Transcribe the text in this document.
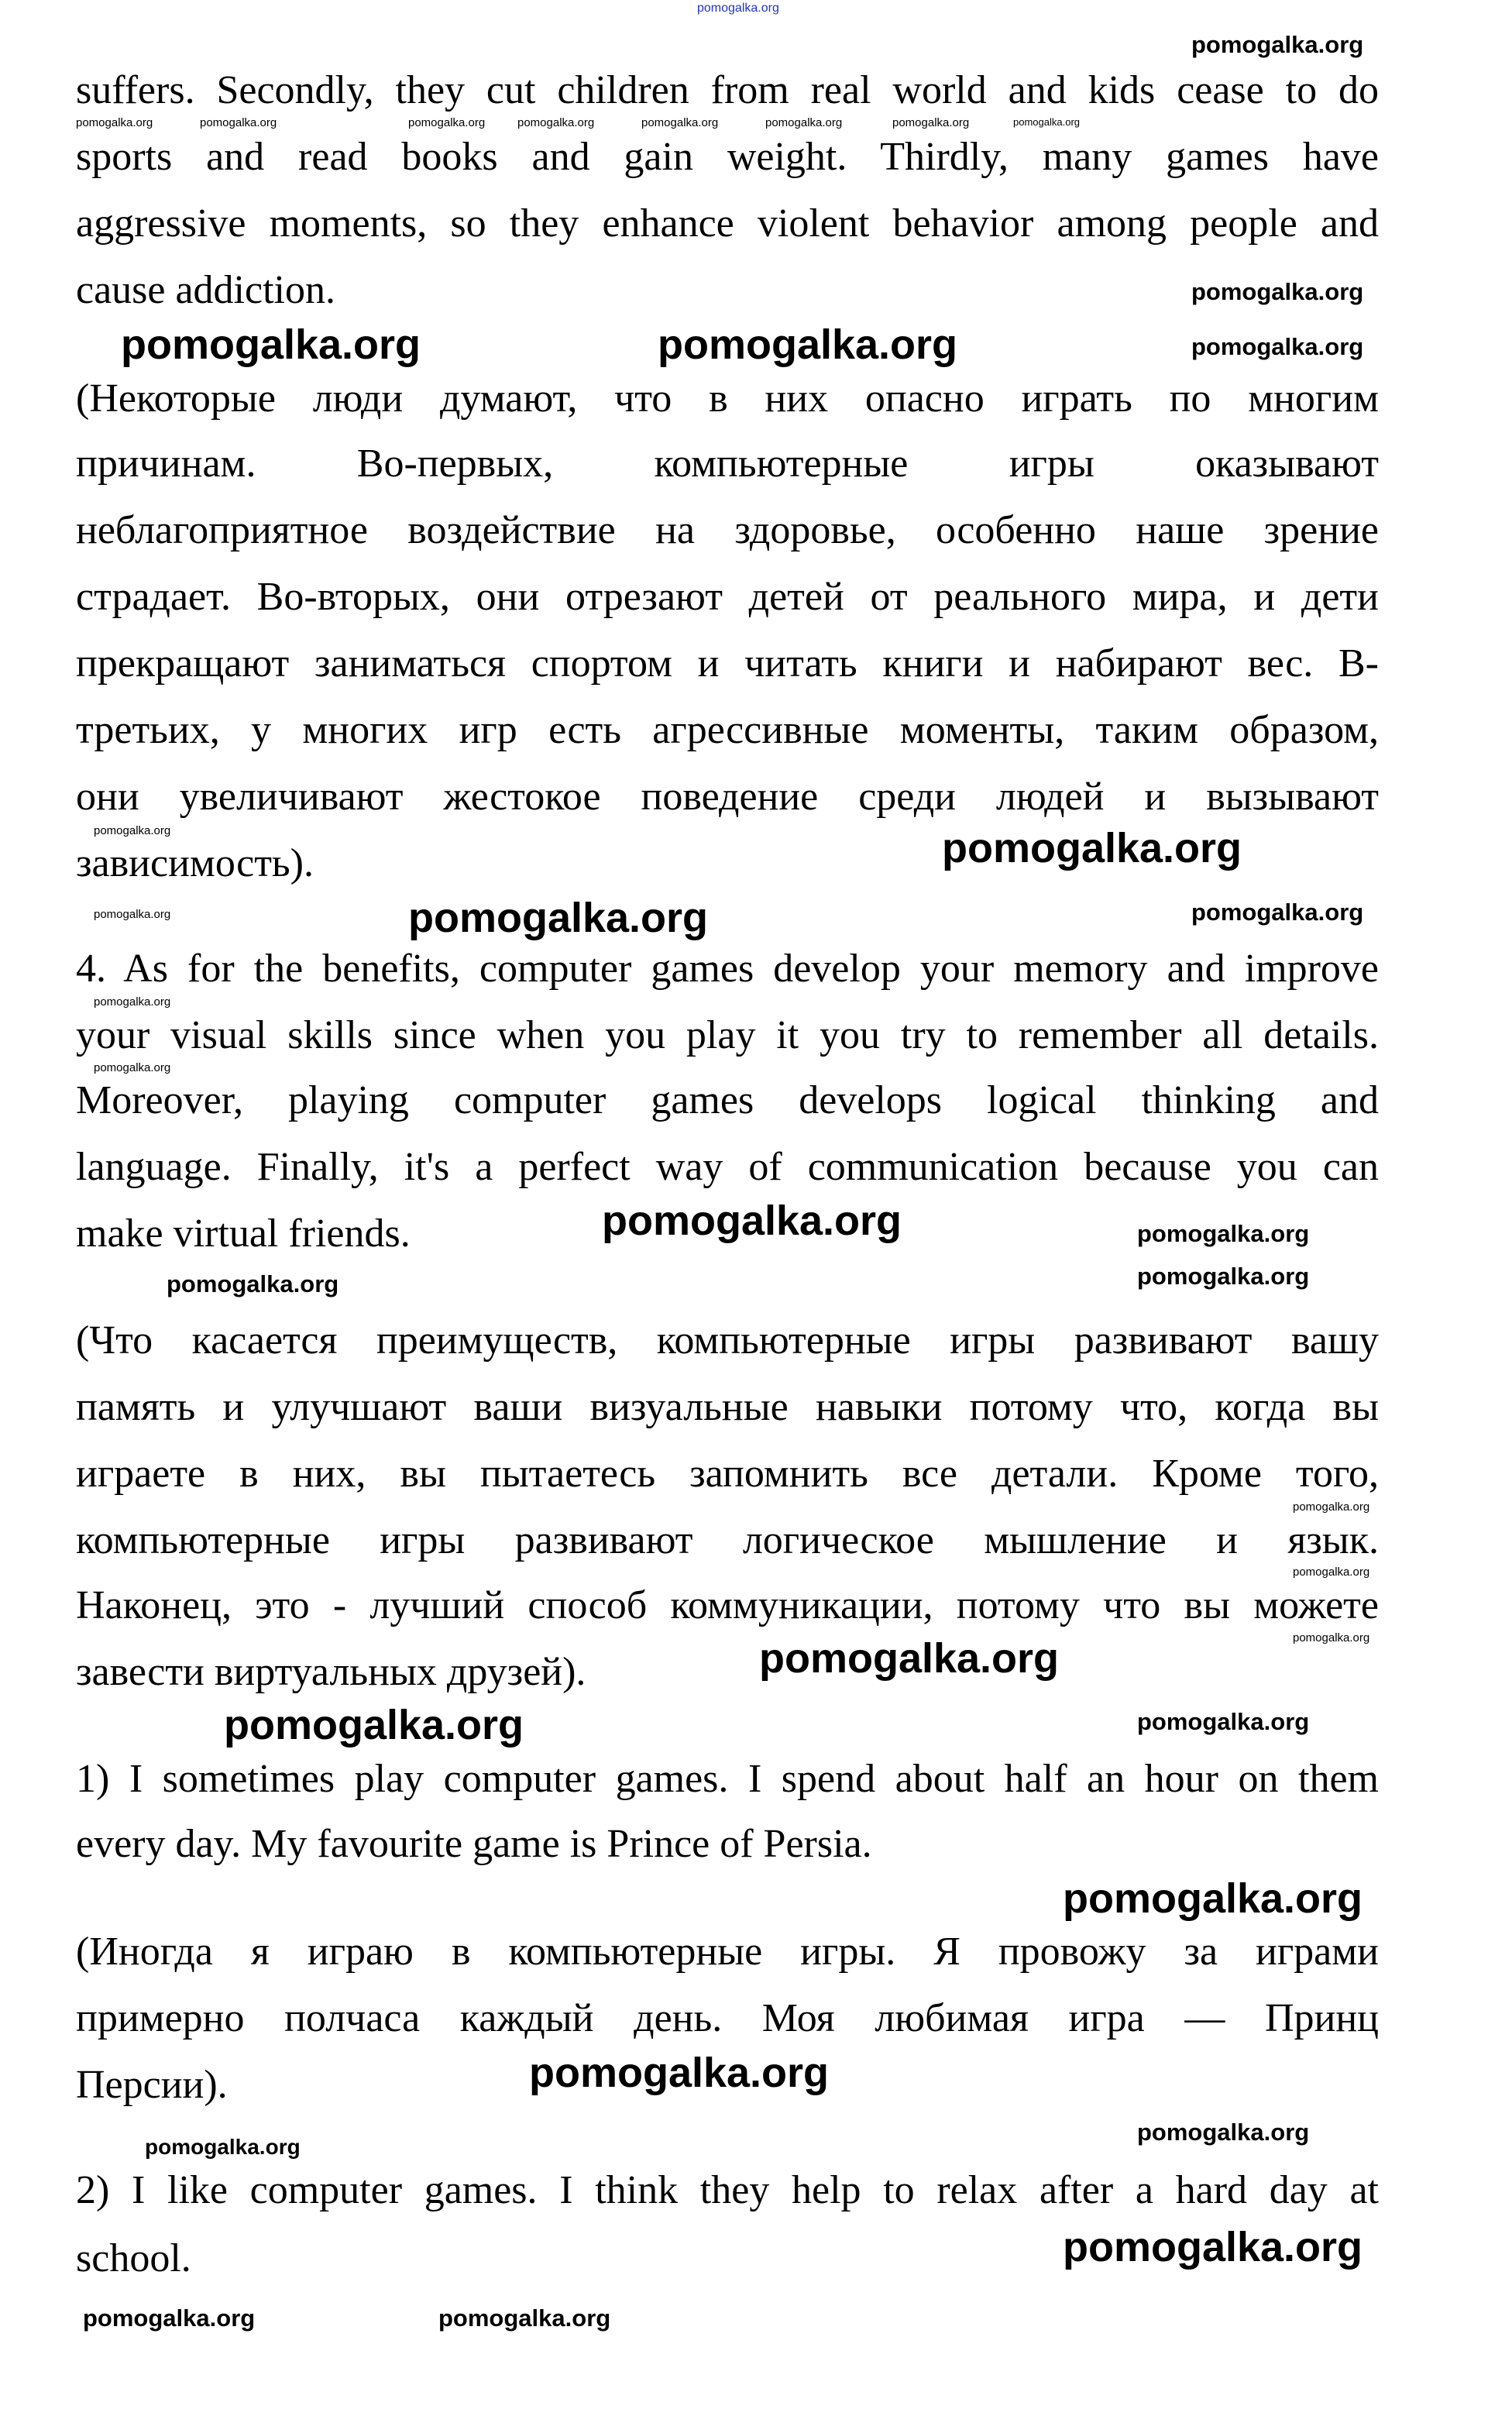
suffers. Secondly, they cut children from real world and kids cease to do
sports and read books and gain weight. Thirdly, many games have
aggressive moments, so they enhance violent behavior among people and
cause addiction.
(Некоторые люди думают, что в них опасно играть по многим
причинам. Во-первых, компьютерные игры оказывают
неблагоприятное воздействие на здоровье, особенно наше зрение
страдает. Во-вторых, они отрезают детей от реального мира, и дети
прекращают заниматься спортом и читать книги и набирают вес. В-
третьих, у многих игр есть агрессивные моменты, таким образом,
они увеличивают жестокое поведение среди людей и вызывают
зависимость).
4. As for the benefits, computer games develop your memory and improve
your visual skills since when you play it you try to remember all details.
Moreover, playing computer games develops logical thinking and
language. Finally, it's a perfect way of communication because you can
make virtual friends.
(Что касается преимуществ, компьютерные игры развивают вашу
память и улучшают ваши визуальные навыки потому что, когда вы
играете в них, вы пытаетесь запомнить все детали. Кроме того,
компьютерные игры развивают логическое мышление и язык.
Наконец, это - лучший способ коммуникации, потому что вы можете
завести виртуальных друзей).
1) I sometimes play computer games. I spend about half an hour on them
every day. My favourite game is Prince of Persia.
(Иногда я играю в компьютерные игры. Я провожу за играми
примерно полчаса каждый день. Моя любимая игра — Принц
Персии).
2) I like computer games. I think they help to relax after a hard day at
school.
pomogalka.org
pomogalka.org	pomogalka.org
pomogalka.org
pomogalka.org
pomogalka.org
pomogalka.org
pomogalka.org
pomogalka.org
pomogalka.org
pomogalka.org
pomogalka.org
pomogalka.org
pomogalka.org
pomogalka.org
pomogalka.org
pomogalka.org
pomogalka.org
pomogalka.org
pomogalka.org
pomogalka.org
pomogalka.org	pomogalka.org
pomogalka.org	pomogalka.org	pomogalka.org	pomogalka.org	pomogalka.org	pomogalka.org	pomogalka.org	pomogalka.org
pomogalka.org
pomogalka.org
pomogalka.org
pomogalka.org
pomogalka.org
pomogalka.org
pomogalka.org
